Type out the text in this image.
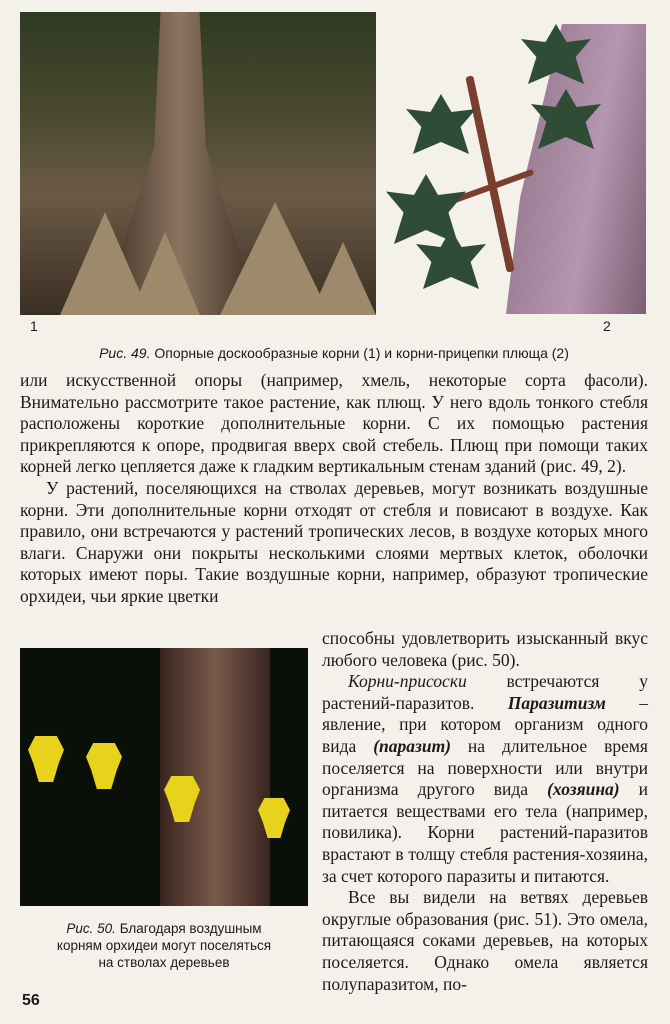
1	2
Рис. 49. Опорные доскообразные корни (1) и корни-прицепки плюща (2)

или искусственной опоры (например, хмель, некоторые сорта фасоли). Внимательно рассмотрите такое растение, как плющ. У него вдоль тонкого стебля расположены короткие дополнительные корни. С их помощью растения прикрепляются к опоре, продвигая вверх свой стебель. Плющ при помощи таких корней легко цепляется даже к гладким вертикальным стенам зданий (рис. 49, 2).

У растений, поселяющихся на стволах деревьев, могут возникать воздушные корни. Эти дополнительные корни отходят от стебля и повисают в воздухе. Как правило, они встречаются у растений тропических лесов, в воздухе которых много влаги. Снаружи они покрыты несколькими слоями мертвых клеток, оболочки которых имеют поры. Такие воздушные корни, например, образуют тропические орхидеи, чьи яркие цветки

Рис. 50. Благодаря воздушным
корням орхидеи могут поселяться
на стволах деревьев

способны удовлетворить изысканный вкус любого человека (рис. 50).

Корни-присоски встречаются у растений-паразитов. Паразитизм – явление, при котором организм одного вида (паразит) на длительное время поселяется на поверхности или внутри организма другого вида (хозяина) и питается веществами его тела (например, повилика). Корни растений-паразитов врастают в толщу стебля растения-хозяина, за счет которого паразиты и питаются.

Все вы видели на ветвях деревьев округлые образования (рис. 51). Это омела, питающаяся соками деревьев, на которых поселяется. Однако омела является полупаразитом, по-

56
